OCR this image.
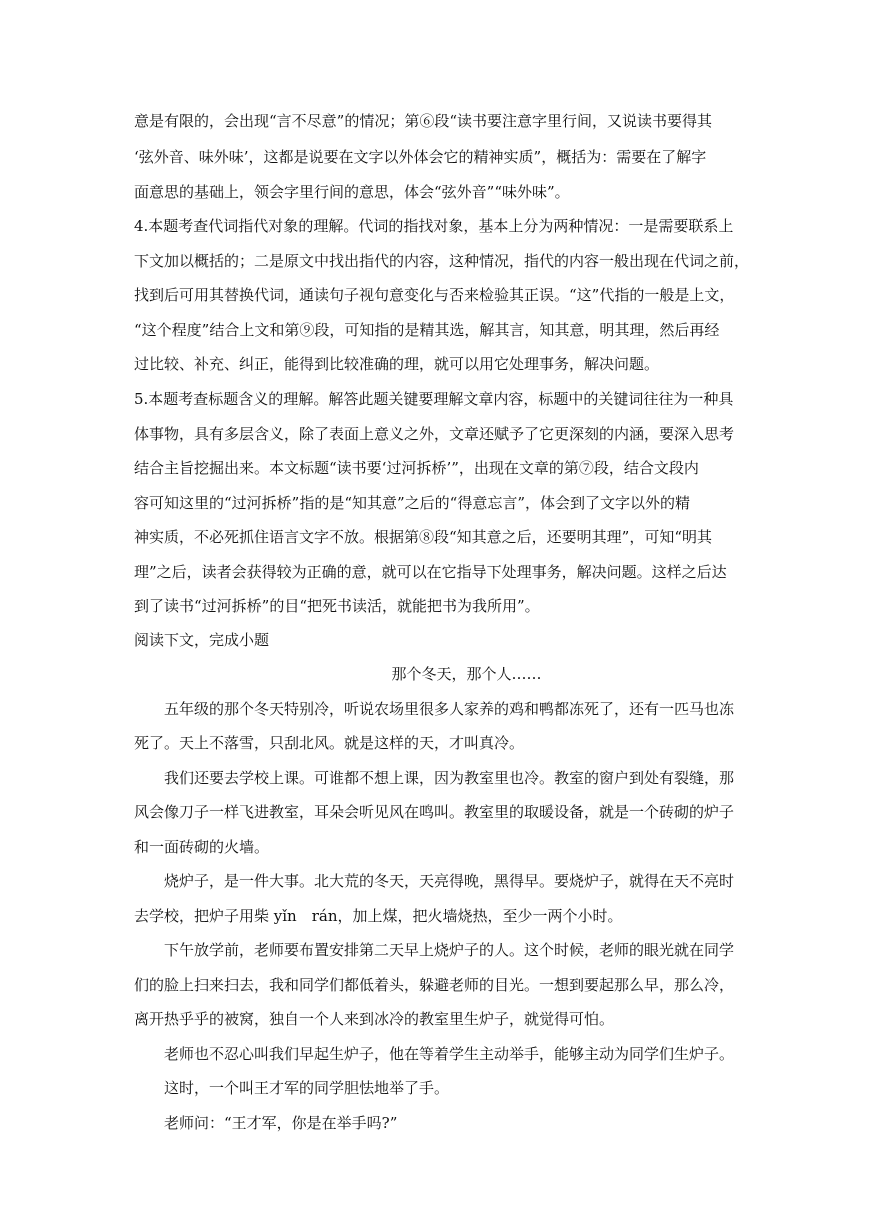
意是有限的，会出现“言不尽意”的情况；第⑥段“读书要注意字里行间，又说读书要得其
‘弦外音、味外味’，这都是说要在文字以外体会它的精神实质”，概括为：需要在了解字
面意思的基础上，领会字里行间的意思，体会“弦外音”“味外味”。
4.本题考查代词指代对象的理解。代词的指找对象，基本上分为两种情况：一是需要联系上
下文加以概括的；二是原文中找出指代的内容，这种情况，指代的内容一般出现在代词之前，
找到后可用其替换代词，通读句子视句意变化与否来检验其正误。“这”代指的一般是上文，
“这个程度”结合上文和第⑨段，可知指的是精其选，解其言，知其意，明其理，然后再经
过比较、补充、纠正，能得到比较准确的理，就可以用它处理事务，解决问题。
5.本题考查标题含义的理解。解答此题关键要理解文章内容，标题中的关键词往往为一种具
体事物，具有多层含义，除了表面上意义之外，文章还赋予了它更深刻的内涵，要深入思考
结合主旨挖掘出来。本文标题“读书要‘过河拆桥’”，出现在文章的第⑦段，结合文段内
容可知这里的“过河拆桥”指的是“知其意”之后的“得意忘言”，体会到了文字以外的精
神实质，不必死抓住语言文字不放。根据第⑧段“知其意之后，还要明其理”，可知“明其
理”之后，读者会获得较为正确的意，就可以在它指导下处理事务，解决问题。这样之后达
到了读书“过河拆桥”的目“把死书读活，就能把书为我所用”。
阅读下文，完成小题
那个冬天，那个人……
五年级的那个冬天特别冷，听说农场里很多人家养的鸡和鸭都冻死了，还有一匹马也冻
死了。天上不落雪，只刮北风。就是这样的天，才叫真冷。
我们还要去学校上课。可谁都不想上课，因为教室里也冷。教室的窗户到处有裂缝，那
风会像刀子一样飞进教室，耳朵会听见风在鸣叫。教室里的取暖设备，就是一个砖砌的炉子
和一面砖砌的火墙。
烧炉子，是一件大事。北大荒的冬天，天亮得晚，黑得早。要烧炉子，就得在天不亮时
去学校，把炉子用柴 yǐn　rán，加上煤，把火墙烧热，至少一两个小时。
下午放学前，老师要布置安排第二天早上烧炉子的人。这个时候，老师的眼光就在同学
们的脸上扫来扫去，我和同学们都低着头，躲避老师的目光。一想到要起那么早，那么冷，
离开热乎乎的被窝，独自一个人来到冰冷的教室里生炉子，就觉得可怕。
老师也不忍心叫我们早起生炉子，他在等着学生主动举手，能够主动为同学们生炉子。
这时，一个叫王才军的同学胆怯地举了手。
老师问：“王才军，你是在举手吗?”
